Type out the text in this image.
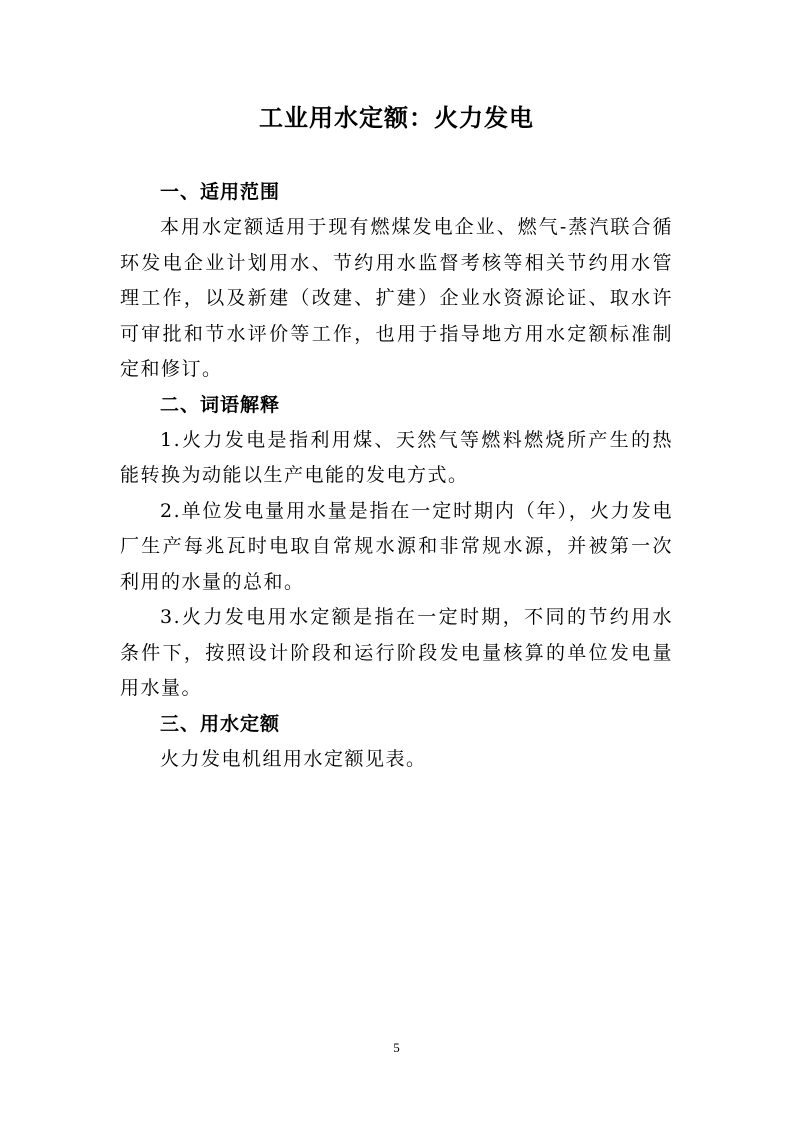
工业用水定额：火力发电
一、适用范围

本用水定额适用于现有燃煤发电企业、燃气-蒸汽联合循环发电企业计划用水、节约用水监督考核等相关节约用水管理工作，以及新建（改建、扩建）企业水资源论证、取水许可审批和节水评价等工作，也用于指导地方用水定额标准制定和修订。

二、词语解释

1.火力发电是指利用煤、天然气等燃料燃烧所产生的热能转换为动能以生产电能的发电方式。

2.单位发电量用水量是指在一定时期内（年），火力发电厂生产每兆瓦时电取自常规水源和非常规水源，并被第一次利用的水量的总和。

3.火力发电用水定额是指在一定时期，不同的节约用水条件下，按照设计阶段和运行阶段发电量核算的单位发电量用水量。

三、用水定额

火力发电机组用水定额见表。

5
